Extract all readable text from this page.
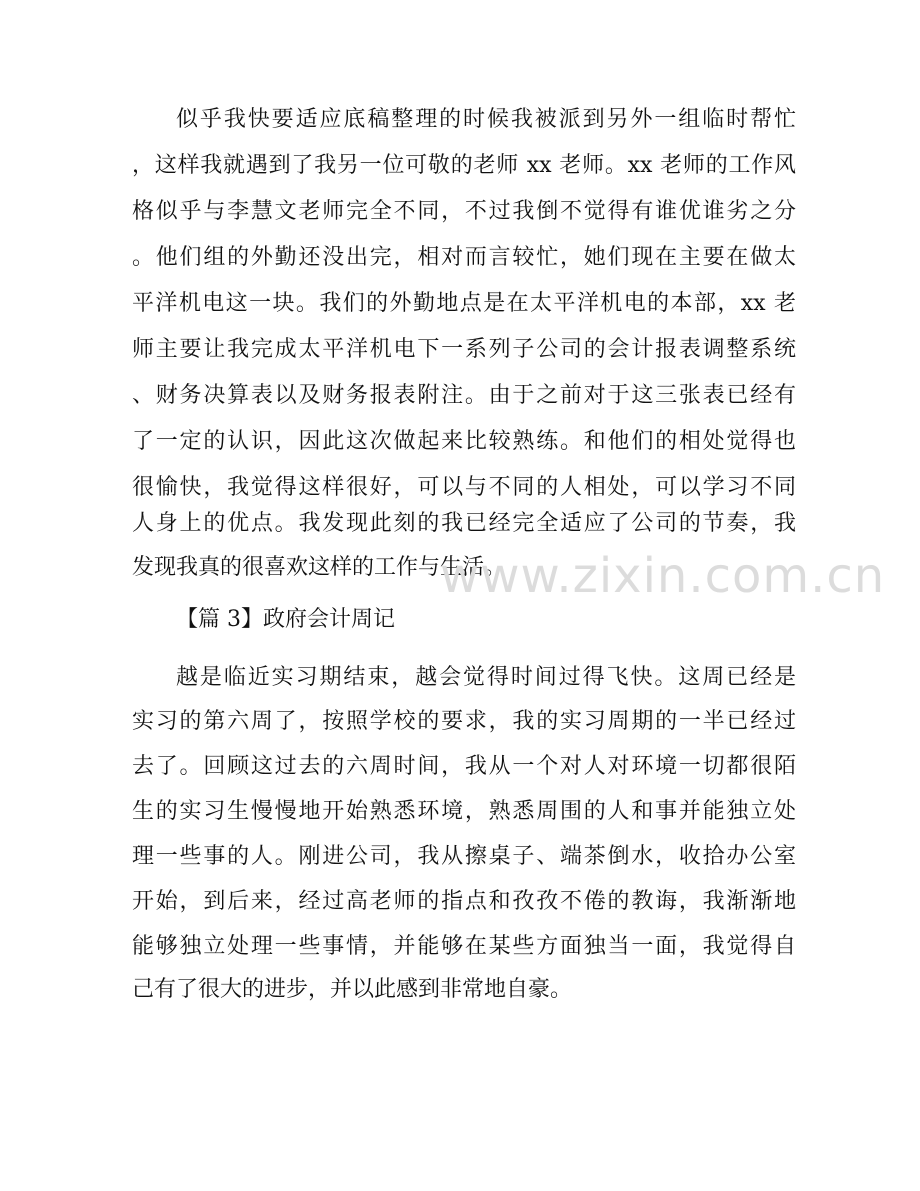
似乎我快要适应底稿整理的时候我被派到另外一组临时帮忙
，这样我就遇到了我另一位可敬的老师 xx 老师。xx 老师的工作风
格似乎与李慧文老师完全不同，不过我倒不觉得有谁优谁劣之分
。他们组的外勤还没出完，相对而言较忙，她们现在主要在做太
平洋机电这一块。我们的外勤地点是在太平洋机电的本部，xx 老
师主要让我完成太平洋机电下一系列子公司的会计报表调整系统
、财务决算表以及财务报表附注。由于之前对于这三张表已经有
了一定的认识，因此这次做起来比较熟练。和他们的相处觉得也
很愉快，我觉得这样很好，可以与不同的人相处，可以学习不同
人身上的优点。我发现此刻的我已经完全适应了公司的节奏，我
发现我真的很喜欢这样的工作与生活。
www.zixin.com.cn
【篇 3】政府会计周记
越是临近实习期结束，越会觉得时间过得飞快。这周已经是
实习的第六周了，按照学校的要求，我的实习周期的一半已经过
去了。回顾这过去的六周时间，我从一个对人对环境一切都很陌
生的实习生慢慢地开始熟悉环境，熟悉周围的人和事并能独立处
理一些事的人。刚进公司，我从擦桌子、端茶倒水，收拾办公室
开始，到后来，经过高老师的指点和孜孜不倦的教诲，我渐渐地
能够独立处理一些事情，并能够在某些方面独当一面，我觉得自
己有了很大的进步，并以此感到非常地自豪。
